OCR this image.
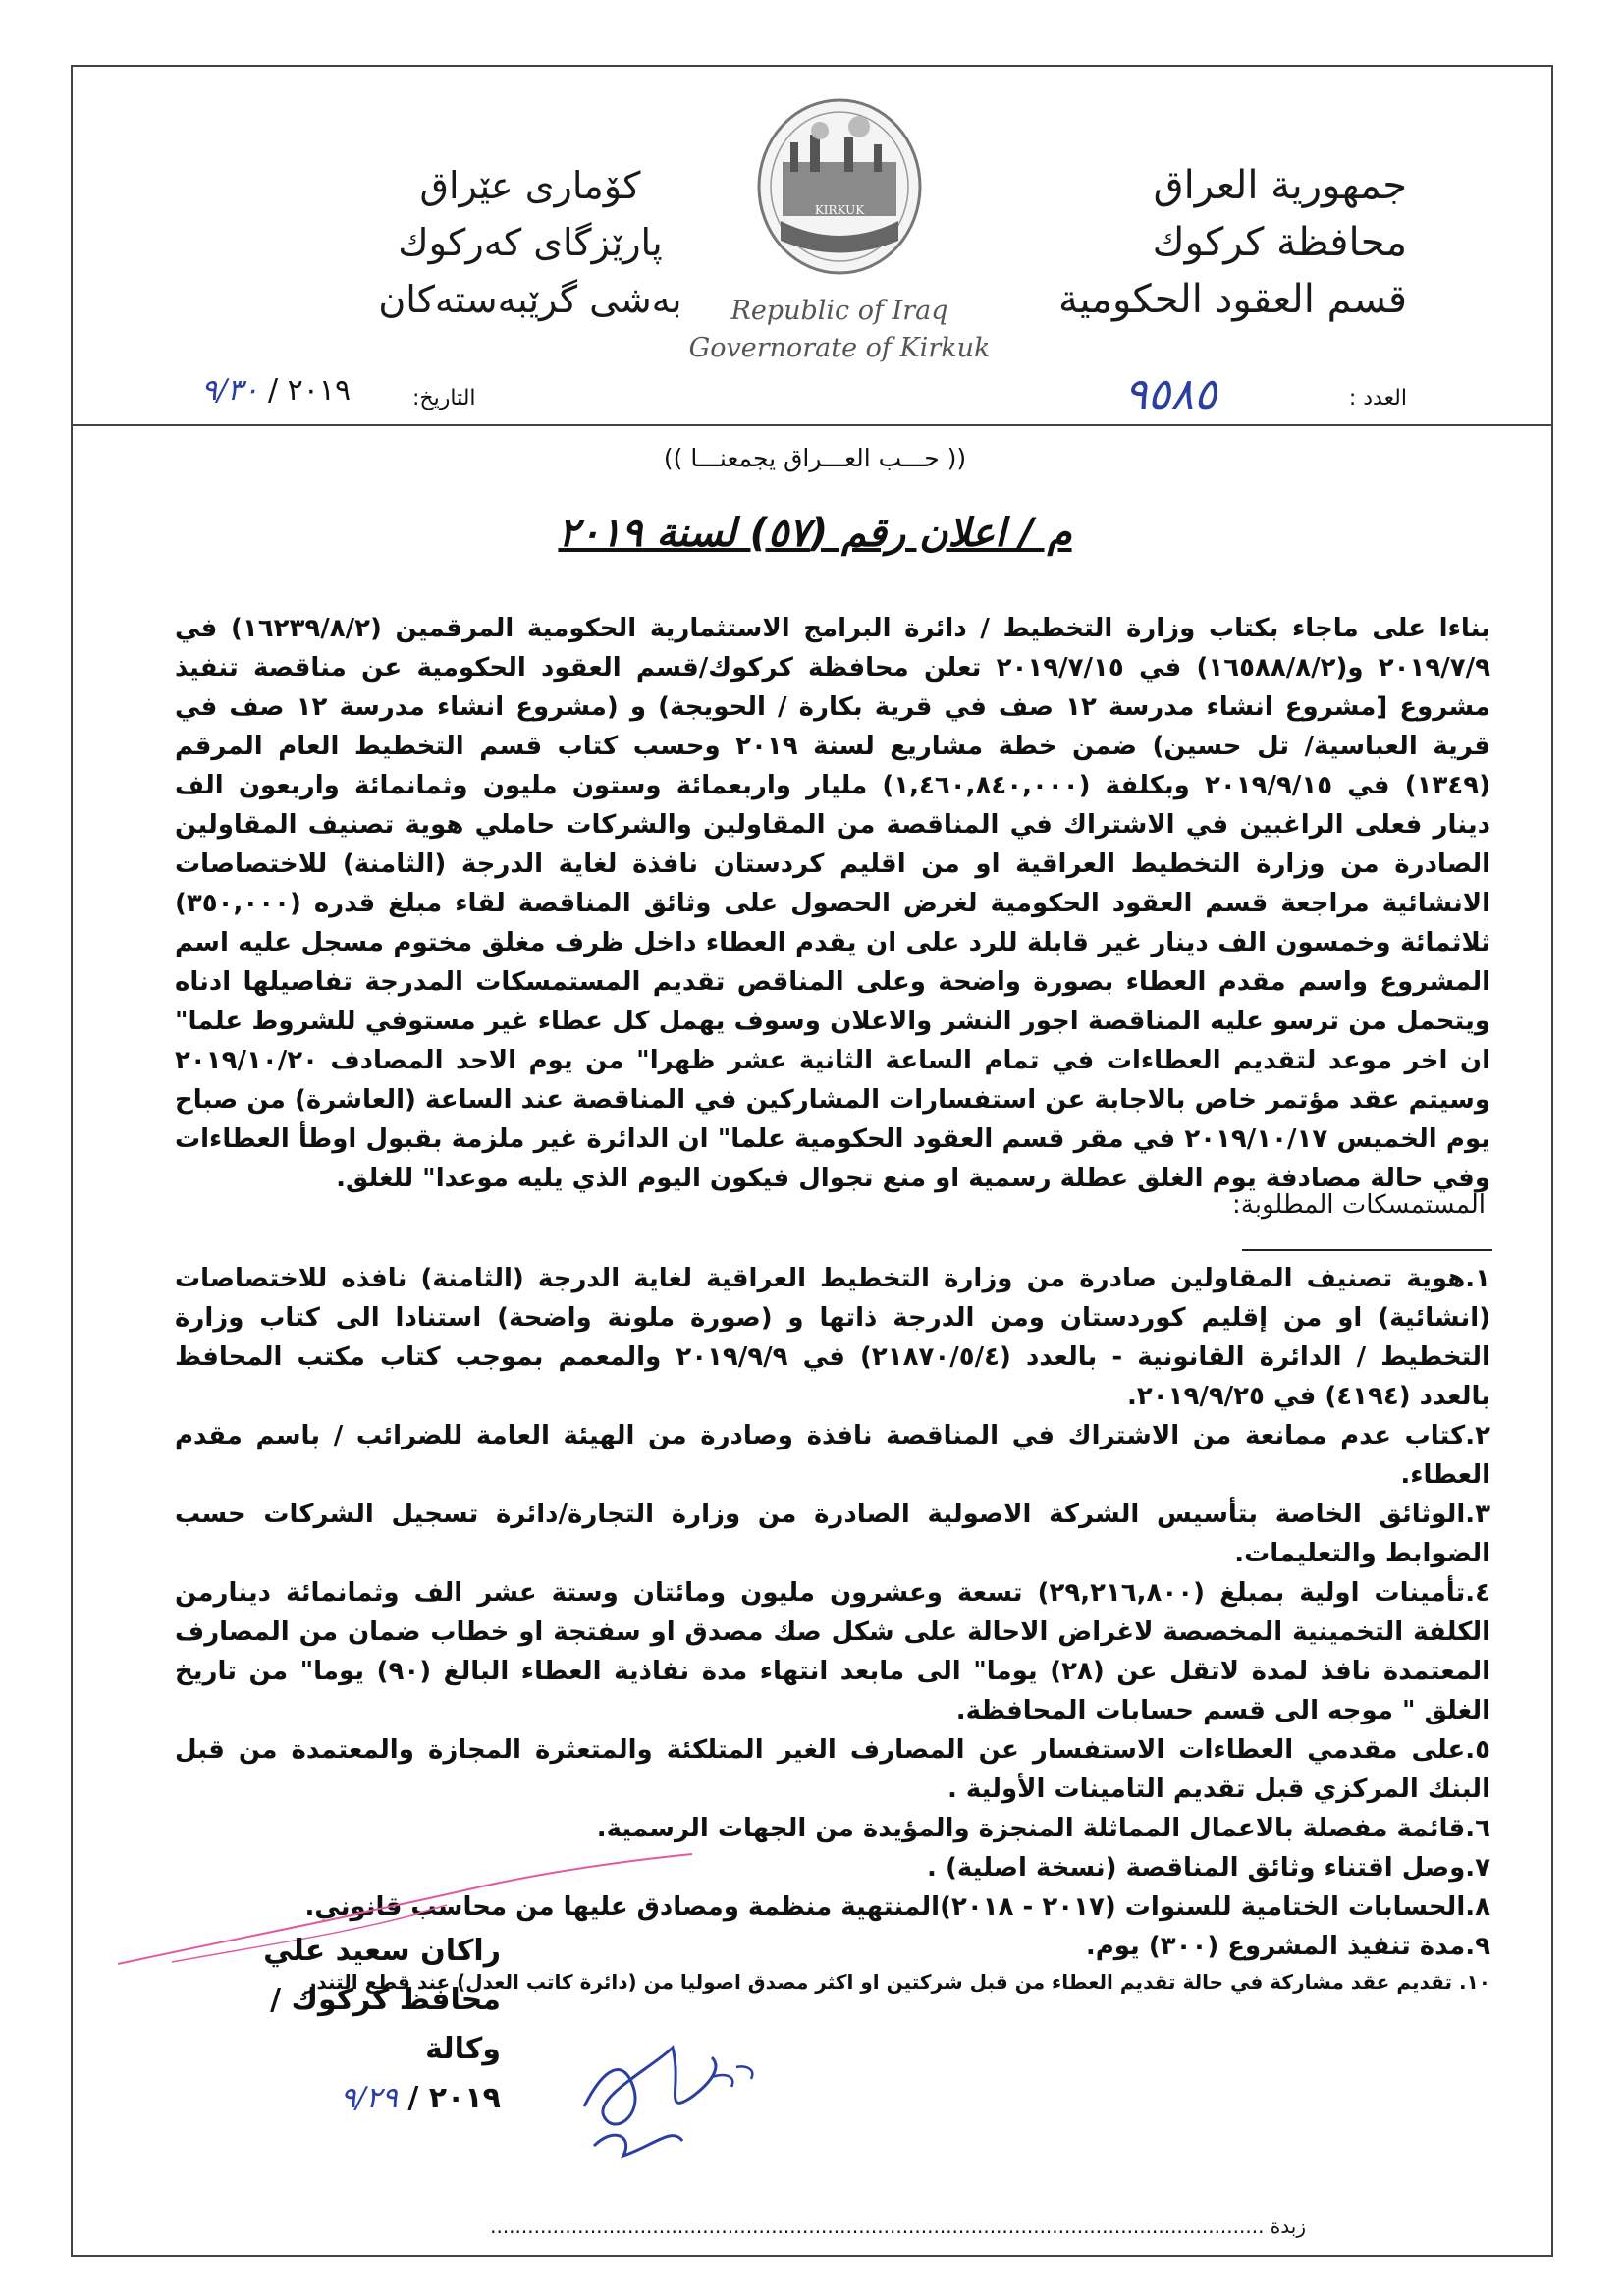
جمهورية العراق
محافظة كركوك
قسم العقود الحكومية
كۆمارى عێراق
پارێزگاى كەركوك
بەشى گرێبەستەكان
KIRKUK
Republic of Iraq
Governorate of Kirkuk
العدد :
٩٥٨٥
التاريخ:
٢٠١٩ / ٩/٣٠
(( حـــب العـــراق يجمعنـــا ))
م / اعلان رقم (٥٧) لسنة ٢٠١٩
بناءا على ماجاء بكتاب وزارة التخطيط / دائرة البرامج الاستثمارية الحكومية المرقمين (١٦٢٣٩/٨/٢) في ٢٠١٩/٧/٩ و(١٦٥٨٨/٨/٢) في ٢٠١٩/٧/١٥ تعلن محافظة كركوك/قسم العقود الحكومية عن مناقصة تنفيذ مشروع [مشروع انشاء مدرسة ١٢ صف في قرية بكارة / الحويجة) و (مشروع انشاء مدرسة ١٢ صف في قرية العباسية/ تل حسين) ضمن خطة مشاريع لسنة ٢٠١٩ وحسب كتاب قسم التخطيط العام المرقم (١٣٤٩) في ٢٠١٩/٩/١٥ وبكلفة (١,٤٦٠,٨٤٠,٠٠٠) مليار واربعمائة وستون مليون وثمانمائة واربعون الف دينار فعلى الراغبين في الاشتراك في المناقصة من المقاولين والشركات حاملي هوية تصنيف المقاولين الصادرة من وزارة التخطيط العراقية او من اقليم كردستان نافذة لغاية الدرجة (الثامنة) للاختصاصات الانشائية مراجعة قسم العقود الحكومية لغرض الحصول على وثائق المناقصة لقاء مبلغ قدره (٣٥٠,٠٠٠) ثلاثمائة وخمسون الف دينار غير قابلة للرد على ان يقدم العطاء داخل ظرف مغلق مختوم مسجل عليه اسم المشروع واسم مقدم العطاء بصورة واضحة وعلى المناقص تقديم المستمسكات المدرجة تفاصيلها ادناه ويتحمل من ترسو عليه المناقصة اجور النشر والاعلان وسوف يهمل كل عطاء غير مستوفي للشروط علما" ان اخر موعد لتقديم العطاءات في تمام الساعة الثانية عشر ظهرا" من يوم الاحد المصادف ٢٠١٩/١٠/٢٠ وسيتم عقد مؤتمر خاص بالاجابة عن استفسارات المشاركين في المناقصة عند الساعة (العاشرة) من صباح يوم الخميس ٢٠١٩/١٠/١٧ في مقر قسم العقود الحكومية علما" ان الدائرة غير ملزمة بقبول اوطأ العطاءات وفي حالة مصادفة يوم الغلق عطلة رسمية او منع تجوال فيكون اليوم الذي يليه موعدا" للغلق.
المستمسكات المطلوبة:
١.هوية تصنيف المقاولين صادرة من وزارة التخطيط العراقية لغاية الدرجة (الثامنة) نافذه للاختصاصات (انشائية) او من إقليم كوردستان ومن الدرجة ذاتها و (صورة ملونة واضحة) استنادا الى كتاب وزارة التخطيط / الدائرة القانونية - بالعدد (٢١٨٧٠/٥/٤) في ٢٠١٩/٩/٩ والمعمم بموجب كتاب مكتب المحافظ بالعدد (٤١٩٤) في ٢٠١٩/٩/٢٥.
٢.كتاب عدم ممانعة من الاشتراك في المناقصة نافذة وصادرة من الهيئة العامة للضرائب / باسم مقدم العطاء.
٣.الوثائق الخاصة بتأسيس الشركة الاصولية الصادرة من وزارة التجارة/دائرة تسجيل الشركات حسب الضوابط والتعليمات.
٤.تأمينات اولية بمبلغ (٢٩,٢١٦,٨٠٠) تسعة وعشرون مليون ومائتان وستة عشر الف وثمانمائة دينارمن الكلفة التخمينية المخصصة لاغراض الاحالة على شكل صك مصدق او سفتجة او خطاب ضمان من المصارف المعتمدة نافذ لمدة لاتقل عن (٢٨) يوما" الى مابعد انتهاء مدة نفاذية العطاء البالغ (٩٠) يوما" من تاريخ الغلق " موجه الى قسم حسابات المحافظة.
٥.على مقدمي العطاءات الاستفسار عن المصارف الغير المتلكئة والمتعثرة المجازة والمعتمدة من قبل البنك المركزي قبل تقديم التامينات الأولية .
٦.قائمة مفصلة بالاعمال المماثلة المنجزة والمؤيدة من الجهات الرسمية.
٧.وصل اقتناء وثائق المناقصة (نسخة اصلية) .
٨.الحسابات الختامية للسنوات (٢٠١٧ - ٢٠١٨)المنتهية منظمة ومصادق عليها من محاسب قانوني.
٩.مدة تنفيذ المشروع (٣٠٠) يوم.
١٠. تقديم عقد مشاركة في حالة تقديم العطاء من قبل شركتين او اكثر مصدق اصوليا من (دائرة كاتب العدل) عند قطع التندر
راكان سعيد علي
محافظ كركوك / وكالة
٢٠١٩ / ٩/٢٩
زبدة ............................................................................................................................
